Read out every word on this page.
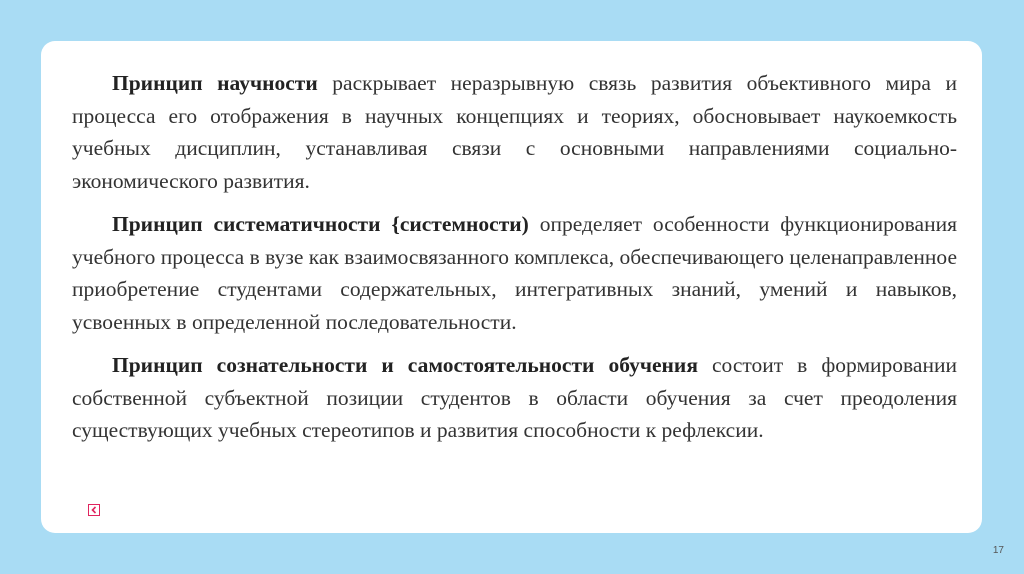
Принцип научности раскрывает неразрывную связь развития объективного мира и процесса его отображения в научных концепциях и теориях, обосновывает наукоемкость учебных дисциплин, устанавливая связи с основными направлениями социально-экономического развития.

Принцип систематичности {системности) определяет особенности функционирования учебного процесса в вузе как взаимосвязанного комплекса, обеспечивающего целенаправленное приобретение студентами содержательных, интегративных знаний, умений и навыков, усвоенных в определенной последовательности.

Принцип сознательности и самостоятельности обучения состоит в формировании собственной субъектной позиции студентов в области обучения за счет преодоления существующих учебных стереотипов и развития способности к рефлексии.

17
